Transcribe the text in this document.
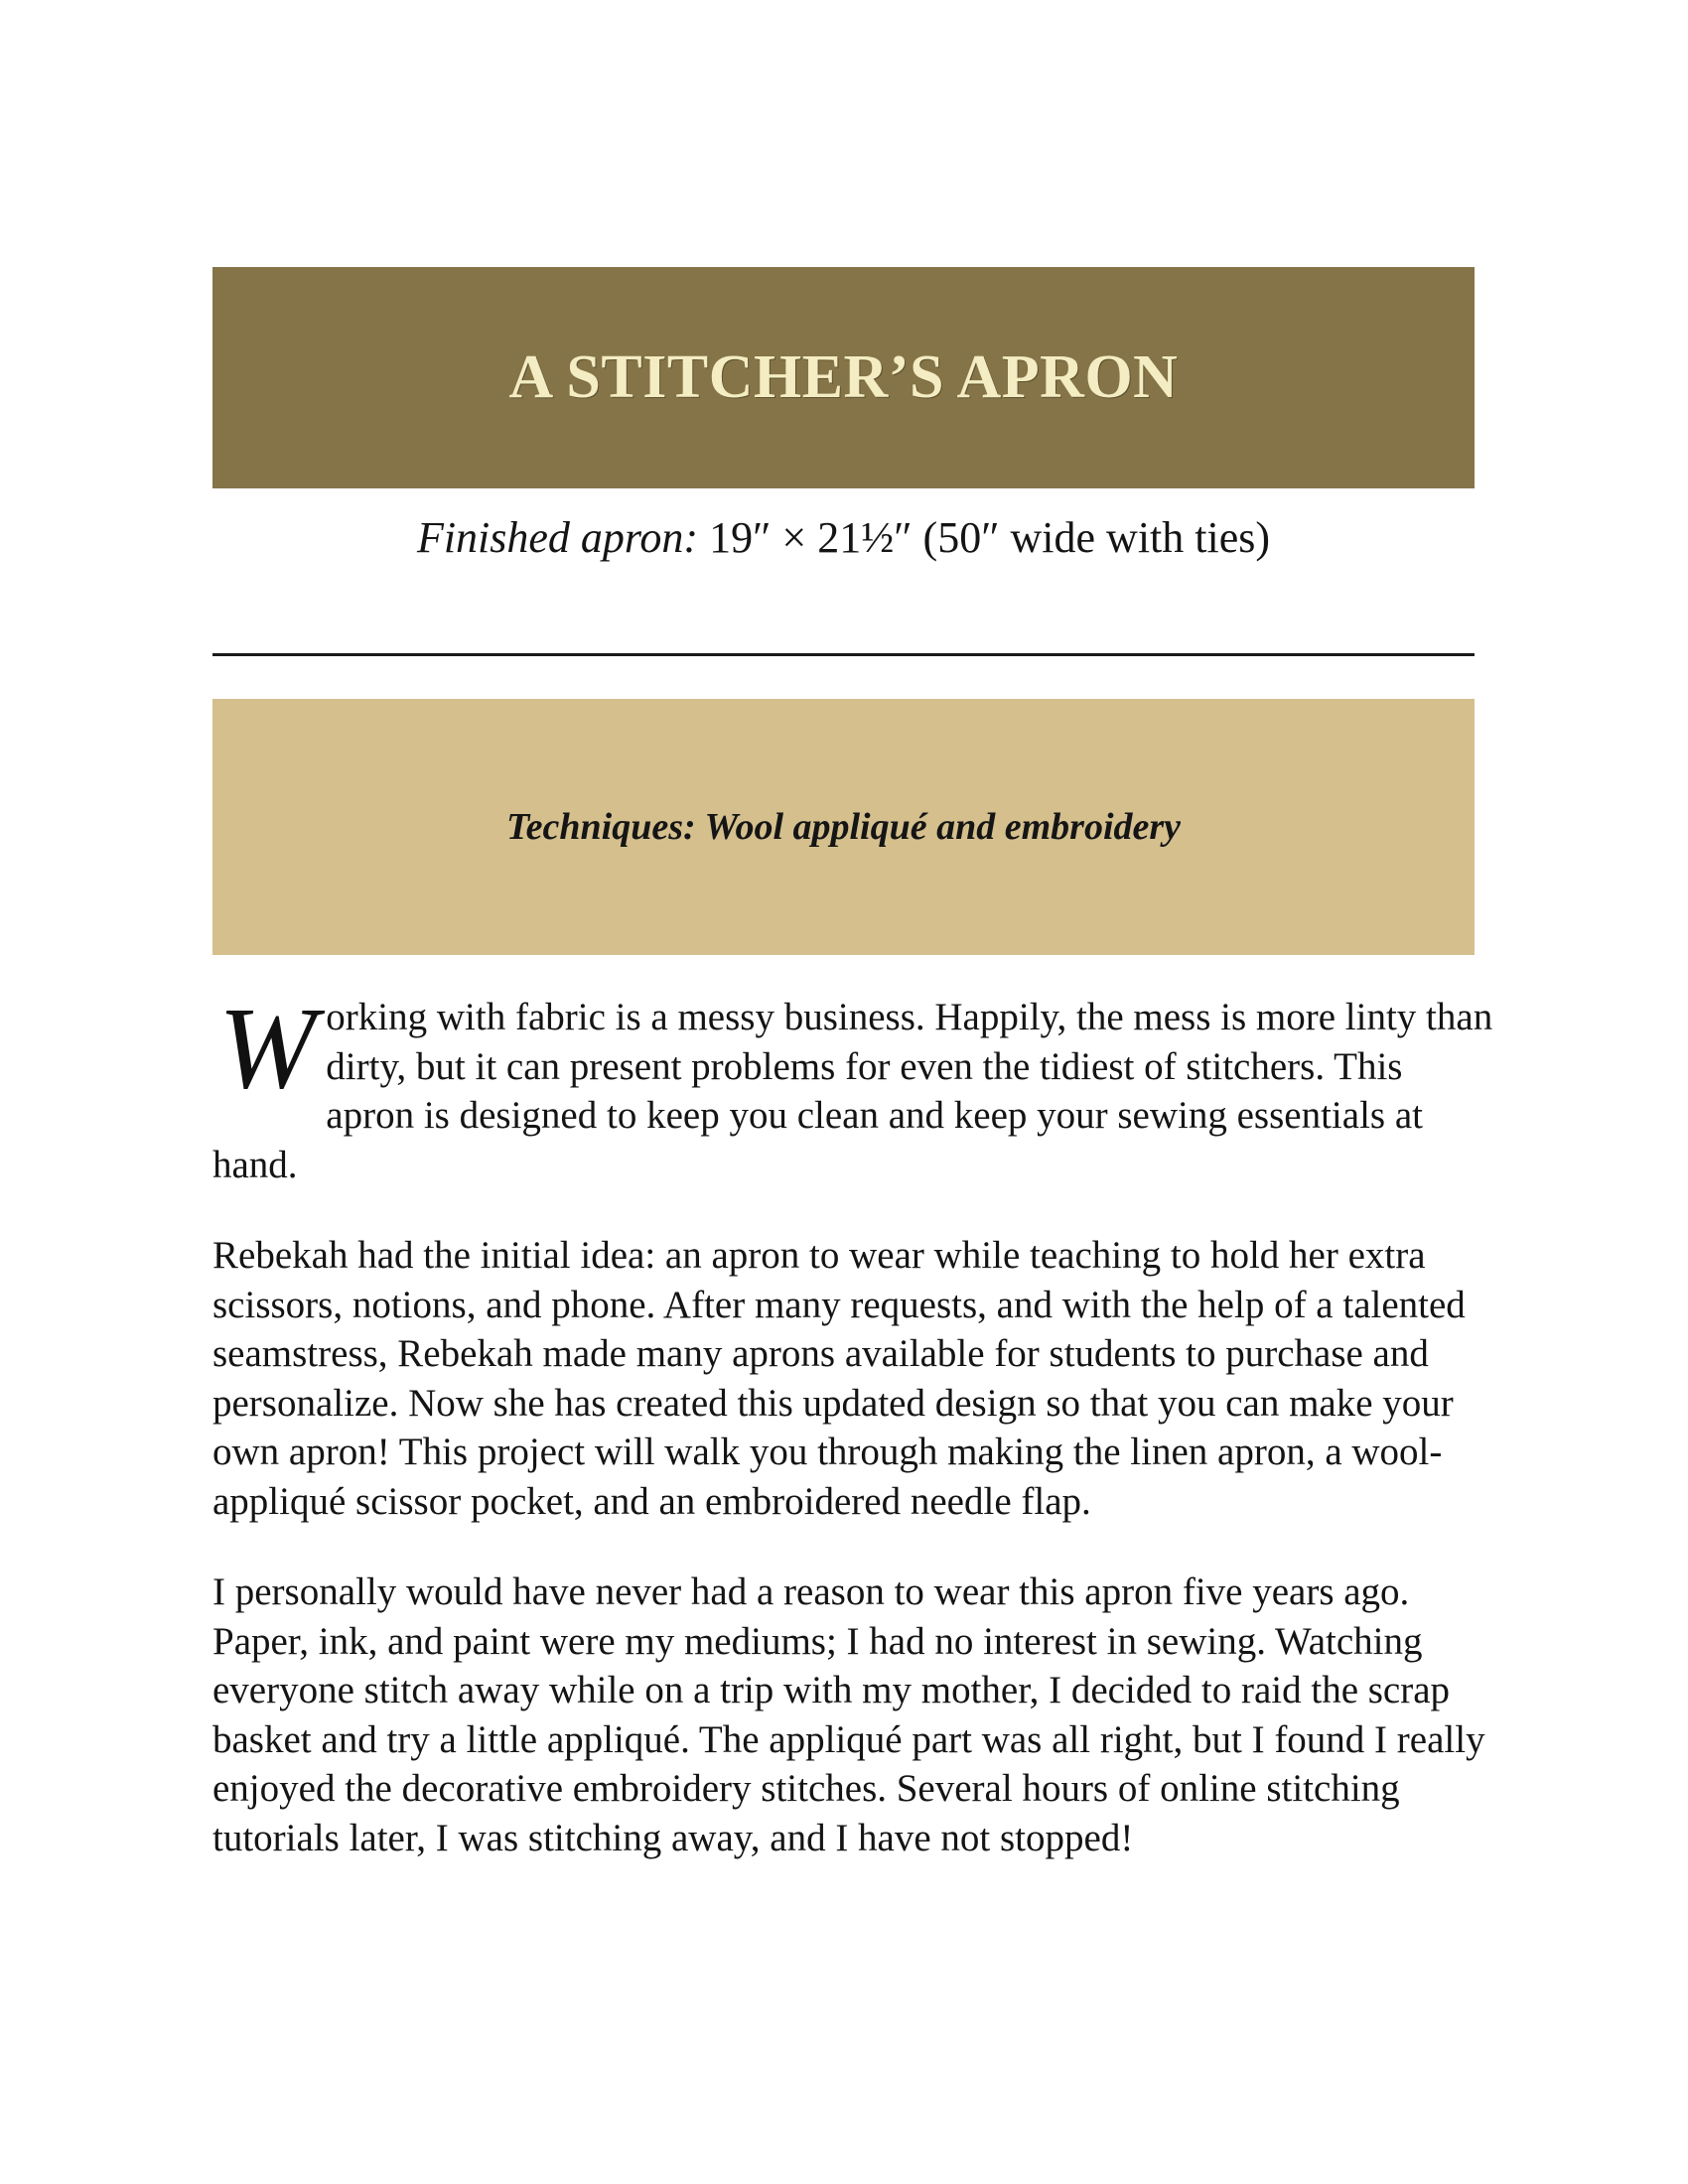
A STITCHER’S APRON
Finished apron: 19″ × 21½″ (50″ wide with ties)
Techniques: Wool appliqué and embroidery

Working with fabric is a messy business. Happily, the mess is more linty than dirty, but it can present problems for even the tidiest of stitchers. This apron is designed to keep you clean and keep your sewing essentials at hand.

Rebekah had the initial idea: an apron to wear while teaching to hold her extra scissors, notions, and phone. After many requests, and with the help of a talented seamstress, Rebekah made many aprons available for students to purchase and personalize. Now she has created this updated design so that you can make your own apron! This project will walk you through making the linen apron, a wool-appliqué scissor pocket, and an embroidered needle flap.

I personally would have never had a reason to wear this apron five years ago. Paper, ink, and paint were my mediums; I had no interest in sewing. Watching everyone stitch away while on a trip with my mother, I decided to raid the scrap basket and try a little appliqué. The appliqué part was all right, but I found I really enjoyed the decorative embroidery stitches. Several hours of online stitching tutorials later, I was stitching away, and I have not stopped!
